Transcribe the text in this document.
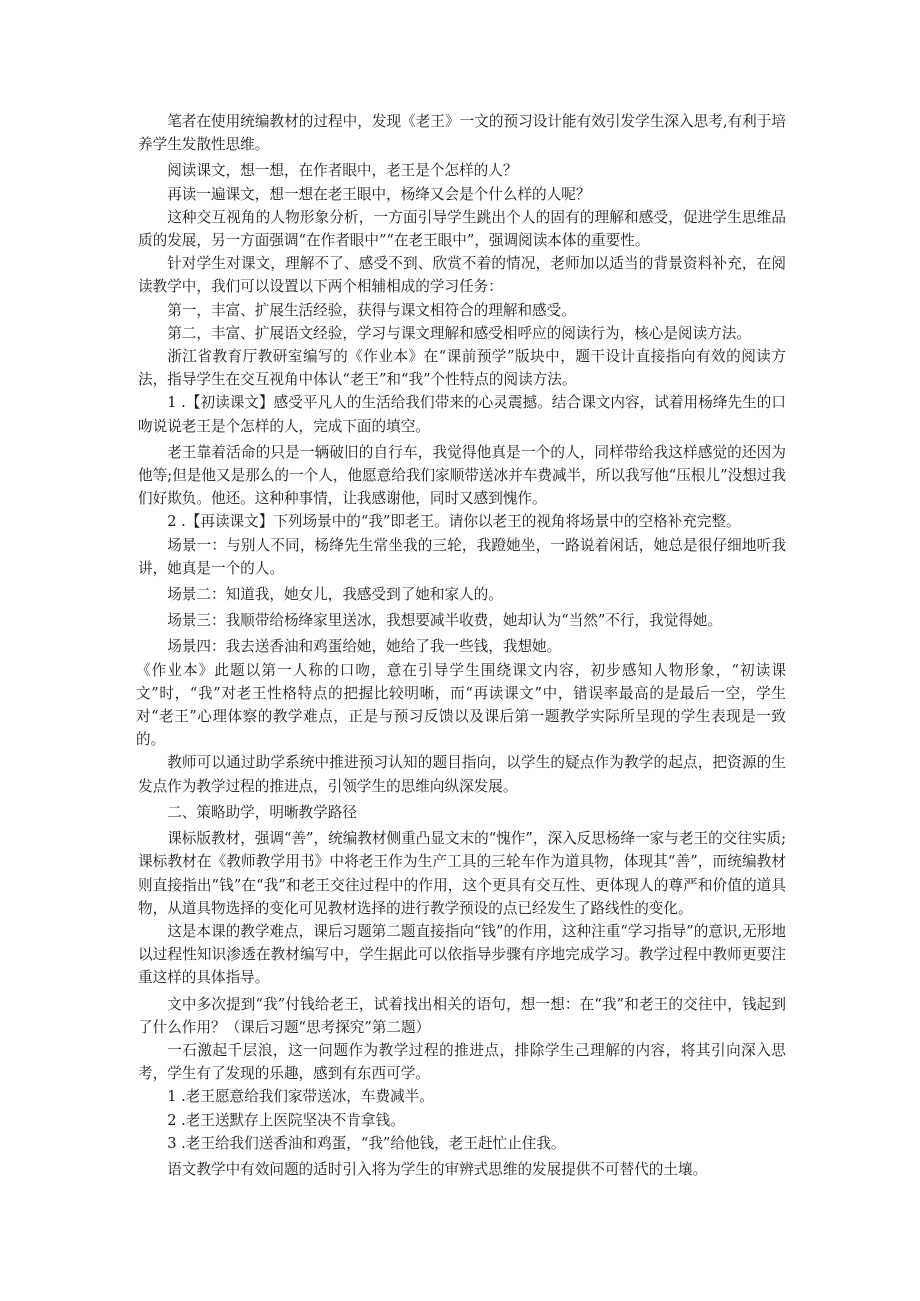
笔者在使用统编教材的过程中，发现《老王》一文的预习设计能有效引发学生深入思考,有利于培养学生发散性思维。

阅读课文，想一想，在作者眼中，老王是个怎样的人？

再读一遍课文，想一想在老王眼中，杨绛又会是个什么样的人呢？

这种交互视角的人物形象分析，一方面引导学生跳出个人的固有的理解和感受，促进学生思维品质的发展，另一方面强调“在作者眼中”“在老王眼中”，强调阅读本体的重要性。

针对学生对课文，理解不了、感受不到、欣赏不着的情况，老师加以适当的背景资料补充，在阅读教学中，我们可以设置以下两个相辅相成的学习任务：

第一，丰富、扩展生活经验，获得与课文相符合的理解和感受。

第二，丰富、扩展语文经验，学习与课文理解和感受相呼应的阅读行为，核心是阅读方法。

浙江省教育厅教研室编写的《作业本》在“课前预学”版块中，题干设计直接指向有效的阅读方法，指导学生在交互视角中体认“老王”和“我”个性特点的阅读方法。

1 .【初读课文】感受平凡人的生活给我们带来的心灵震撼。结合课文内容，试着用杨绛先生的口吻说说老王是个怎样的人，完成下面的填空。

老王靠着活命的只是一辆破旧的自行车，我觉得他真是一个的人，同样带给我这样感觉的还因为他等;但是他又是那么的一个人，他愿意给我们家顺带送冰并车费减半，所以我写他“压根儿”没想过我们好欺负。他还。这种种事情，让我感谢他，同时又感到愧作。

2 .【再读课文】下列场景中的“我”即老王。请你以老王的视角将场景中的空格补充完整。

场景一：与别人不同，杨绛先生常坐我的三轮，我蹬她坐，一路说着闲话，她总是很仔细地听我讲，她真是一个的人。

场景二：知道我，她女儿，我感受到了她和家人的。

场景三：我顺带给杨绛家里送冰，我想要减半收费，她却认为“当然”不行，我觉得她。

场景四：我去送香油和鸡蛋给她，她给了我一些钱，我想她。

《作业本》此题以第一人称的口吻，意在引导学生围绕课文内容，初步感知人物形象，“初读课文”时，“我”对老王性格特点的把握比较明晰，而“再读课文”中，错误率最高的是最后一空，学生对“老王”心理体察的教学难点，正是与预习反馈以及课后第一题教学实际所呈现的学生表现是一致的。

教师可以通过助学系统中推进预习认知的题目指向，以学生的疑点作为教学的起点，把资源的生发点作为教学过程的推进点，引领学生的思维向纵深发展。

二、策略助学，明晰教学路径

课标版教材，强调“善”，统编教材侧重凸显文末的“愧作”，深入反思杨绛一家与老王的交往实质;课标教材在《教师教学用书》中将老王作为生产工具的三轮车作为道具物，体现其“善”，而统编教材则直接指出“钱”在“我”和老王交往过程中的作用，这个更具有交互性、更体现人的尊严和价值的道具物，从道具物选择的变化可见教材选择的进行教学预设的点已经发生了路线性的变化。

这是本课的教学难点，课后习题第二题直接指向“钱”的作用，这种注重“学习指导”的意识,无形地以过程性知识渗透在教材编写中，学生据此可以依指导步骤有序地完成学习。教学过程中教师更要注重这样的具体指导。

文中多次提到“我”付钱给老王，试着找出相关的语句，想一想：在“我”和老王的交往中，钱起到了什么作用？（课后习题“思考探究”第二题）

一石激起千层浪，这一问题作为教学过程的推进点，排除学生己理解的内容，将其引向深入思考，学生有了发现的乐趣，感到有东西可学。

1 .老王愿意给我们家带送冰，车费减半。

2 .老王送默存上医院坚决不肯拿钱。

3 .老王给我们送香油和鸡蛋，“我”给他钱，老王赶忙止住我。

语文教学中有效问题的适时引入将为学生的审辨式思维的发展提供不可替代的土壤。
